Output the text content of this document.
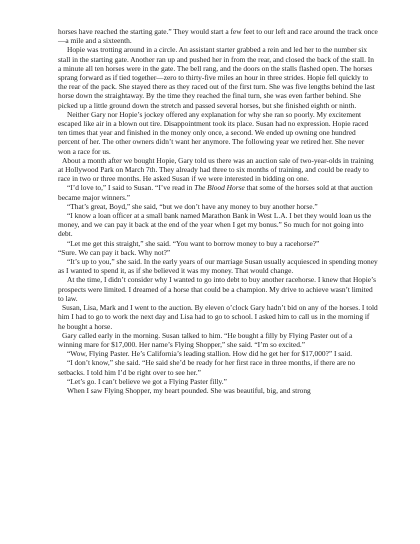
horses have reached the starting gate.” They would start a few feet to our left and race around the track once—a mile and a sixteenth.

Hopie was trotting around in a circle. An assistant starter grabbed a rein and led her to the number six stall in the starting gate. Another ran up and pushed her in from the rear, and closed the back of the stall. In a minute all ten horses were in the gate. The bell rang, and the doors on the stalls flashed open. The horses sprang forward as if tied together—zero to thirty-five miles an hour in three strides. Hopie fell quickly to the rear of the pack. She stayed there as they raced out of the first turn. She was five lengths behind the last horse down the straightaway. By the time they reached the final turn, she was even farther behind. She picked up a little ground down the stretch and passed several horses, but she finished eighth or ninth.

Neither Gary nor Hopie’s jockey offered any explanation for why she ran so poorly. My excitement escaped like air in a blown out tire. Disappointment took its place. Susan had no expression. Hopie raced ten times that year and finished in the money only once, a second. We ended up owning one hundred percent of her. The other owners didn’t want her anymore. The following year we retired her. She never won a race for us.

About a month after we bought Hopie, Gary told us there was an auction sale of two-year-olds in training at Hollywood Park on March 7th. They already had three to six months of training, and could be ready to race in two or three months. He asked Susan if we were interested in bidding on one.

“I’d love to,” I said to Susan. “I’ve read in The Blood Horse that some of the horses sold at that auction became major winners.”

“That’s great, Boyd,” she said, “but we don’t have any money to buy another horse.”

“I know a loan officer at a small bank named Marathon Bank in West L.A. I bet they would loan us the money, and we can pay it back at the end of the year when I get my bonus.” So much for not going into debt.

“Let me get this straight,” she said. “You want to borrow money to buy a racehorse?”

“Sure. We can pay it back. Why not?”

“It’s up to you,” she said. In the early years of our marriage Susan usually acquiesced in spending money as I wanted to spend it, as if she believed it was my money. That would change.

At the time, I didn’t consider why I wanted to go into debt to buy another racehorse. I knew that Hopie’s prospects were limited. I dreamed of a horse that could be a champion. My drive to achieve wasn’t limited to law.

Susan, Lisa, Mark and I went to the auction. By eleven o’clock Gary hadn’t bid on any of the horses. I told him I had to go to work the next day and Lisa had to go to school. I asked him to call us in the morning if he bought a horse.

Gary called early in the morning. Susan talked to him. “He bought a filly by Flying Paster out of a winning mare for $17,000. Her name’s Flying Shopper,” she said. “I’m so excited.”

“Wow, Flying Paster. He’s California’s leading stallion. How did he get her for $17,000?” I said.

“I don’t know,” she said. “He said she’d be ready for her first race in three months, if there are no setbacks. I told him I’d be right over to see her.”

“Let’s go. I can’t believe we got a Flying Paster filly.”

When I saw Flying Shopper, my heart pounded. She was beautiful, big, and strong
